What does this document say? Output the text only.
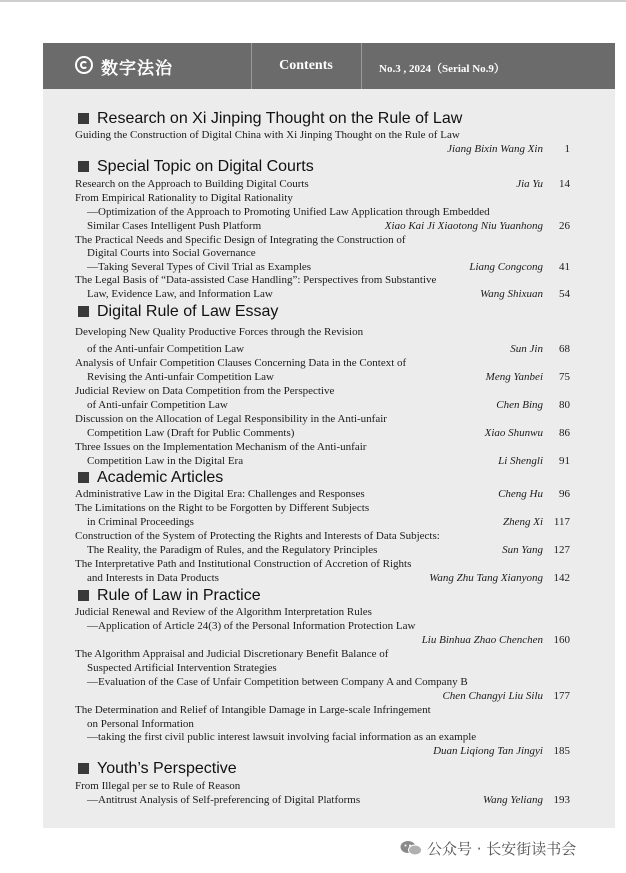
数字法治	Contents	No.3 , 2024（Serial No.9）
Research on Xi Jinping Thought on the Rule of Law
Special Topic on Digital Courts
Digital Rule of Law Essay
Academic Articles
Rule of Law in Practice
Youth’s Perspective
Guiding the Construction of Digital China with Xi Jinping Thought on the Rule of Law
Jiang Bixin Wang Xin 1
Research on the Approach to Building Digital Courts	Jia Yu 14
From Empirical Rationality to Digital Rationality
—Optimization of the Approach to Promoting Unified Law Application through Embedded
Similar Cases Intelligent Push Platform	Xiao Kai Ji Xiaotong Niu Yuanhong 26
The Practical Needs and Specific Design of Integrating the Construction of
Digital Courts into Social Governance
—Taking Several Types of Civil Trial as Examples	Liang Congcong 41
The Legal Basis of “Data-assisted Case Handling”: Perspectives from Substantive
Law, Evidence Law, and Information Law	Wang Shixuan 54
Developing New Quality Productive Forces through the Revision
of the Anti-unfair Competition Law	Sun Jin 68
Analysis of Unfair Competition Clauses Concerning Data in the Context of
Revising the Anti-unfair Competition Law	Meng Yanbei 75
Judicial Review on Data Competition from the Perspective
of Anti-unfair Competition Law	Chen Bing 80
Discussion on the Allocation of Legal Responsibility in the Anti-unfair
Competition Law (Draft for Public Comments)	Xiao Shunwu 86
Three Issues on the Implementation Mechanism of the Anti-unfair
Competition Law in the Digital Era	Li Shengli 91
Administrative Law in the Digital Era: Challenges and Responses	Cheng Hu 96
The Limitations on the Right to be Forgotten by Different Subjects
in Criminal Proceedings	Zheng Xi 117
Construction of the System of Protecting the Rights and Interests of Data Subjects:
The Reality, the Paradigm of Rules, and the Regulatory Principles	Sun Yang 127
The Interpretative Path and Institutional Construction of Accretion of Rights
and Interests in Data Products	Wang Zhu Tang Xianyong 142
Judicial Renewal and Review of the Algorithm Interpretation Rules
—Application of Article 24(3) of the Personal Information Protection Law
Liu Binhua Zhao Chenchen 160
The Algorithm Appraisal and Judicial Discretionary Benefit Balance of
Suspected Artificial Intervention Strategies
—Evaluation of the Case of Unfair Competition between Company A and Company B
Chen Changyi Liu Silu 177
The Determination and Relief of Intangible Damage in Large-scale Infringement
on Personal Information
—taking the first civil public interest lawsuit involving facial information as an example
Duan Liqiong Tan Jingyi 185
From Illegal per se to Rule of Reason
—Antitrust Analysis of Self-preferencing of Digital Platforms	Wang Yeliang 193
公众号 · 长安街读书会
